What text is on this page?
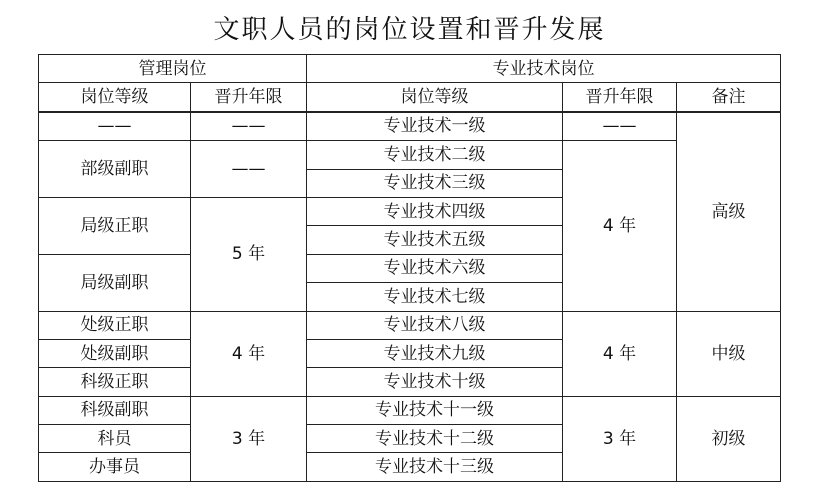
文职人员的岗位设置和晋升发展
管理岗位		专业技术岗位		
岗位等级	晋升年限	岗位等级	晋升年限	备注
——	——	专业技术一级	——	高级
部级副职	——	专业技术二级	4 年	
		专业技术三级		
局级正职	5 年	专业技术四级		
		专业技术五级		
局级副职		专业技术六级		
		专业技术七级		
处级正职	4 年	专业技术八级	4 年	中级
处级副职		专业技术九级		
科级正职		专业技术十级		
科级副职	3 年	专业技术十一级	3 年	初级
科员		专业技术十二级		
办事员		专业技术十三级		
